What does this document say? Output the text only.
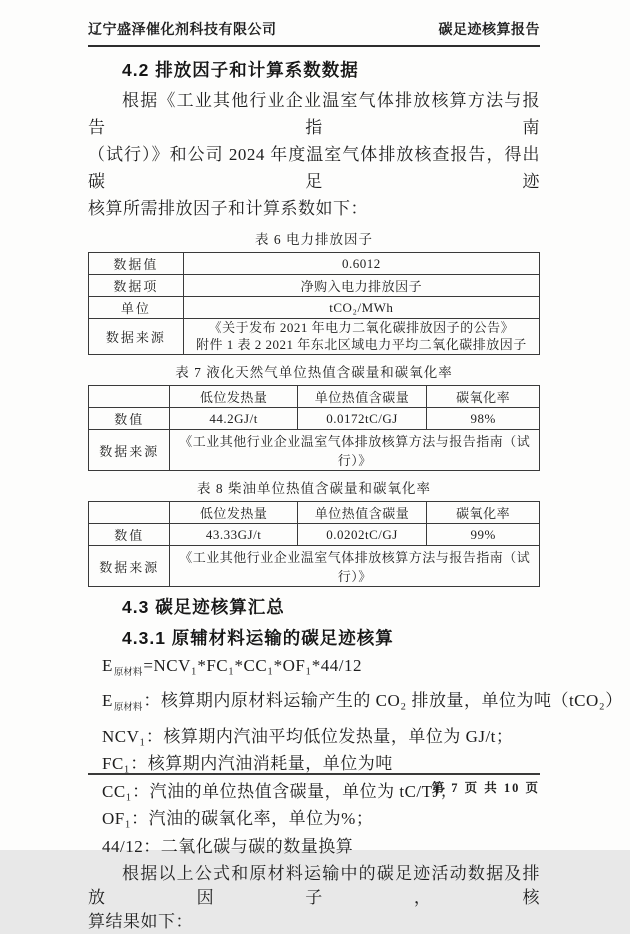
辽宁盛泽催化剂科技有限公司	碳足迹核算报告
4.2 排放因子和计算系数数据
根据《工业其他行业企业温室气体排放核算方法与报告指南
（试行）》和公司 2024 年度温室气体排放核查报告，得出碳足迹
核算所需排放因子和计算系数如下：
表 6 电力排放因子
数据值	0.6012
数据项	净购入电力排放因子
单位	tCO₂/MWh
数据来源	《关于发布 2021 年电力二氧化碳排放因子的公告》
附件 1 表 2 2021 年东北区域电力平均二氧化碳排放因子
表 7 液化天然气单位热值含碳量和碳氧化率
	低位发热量	单位热值含碳量	碳氧化率
数值	44.2GJ/t	0.0172tC/GJ	98%
数据来源	《工业其他行业企业温室气体排放核算方法与报告指南（试行）》		
表 8 柴油单位热值含碳量和碳氧化率
	低位发热量	单位热值含碳量	碳氧化率
数值	43.33GJ/t	0.0202tC/GJ	99%
数据来源	《工业其他行业企业温室气体排放核算方法与报告指南（试行）》		
4.3 碳足迹核算汇总
4.3.1 原辅材料运输的碳足迹核算
$E_{原材料}=NCV_1*FC_1*CC_1*OF_1*44/12$
$E_{原材料}$：核算期内原材料运输产生的 CO₂ 排放量，单位为吨（tCO₂）
NCV₁：核算期内汽油平均低位发热量，单位为 GJ/t；
FC₁：核算期内汽油消耗量，单位为吨
CC₁：汽油的单位热值含碳量，单位为 tC/TJ；
OF₁：汽油的碳氧化率，单位为%；
44/12：二氧化碳与碳的数量换算
根据以上公式和原材料运输中的碳足迹活动数据及排放因子，核
算结果如下：
第 7 页 共 10 页
